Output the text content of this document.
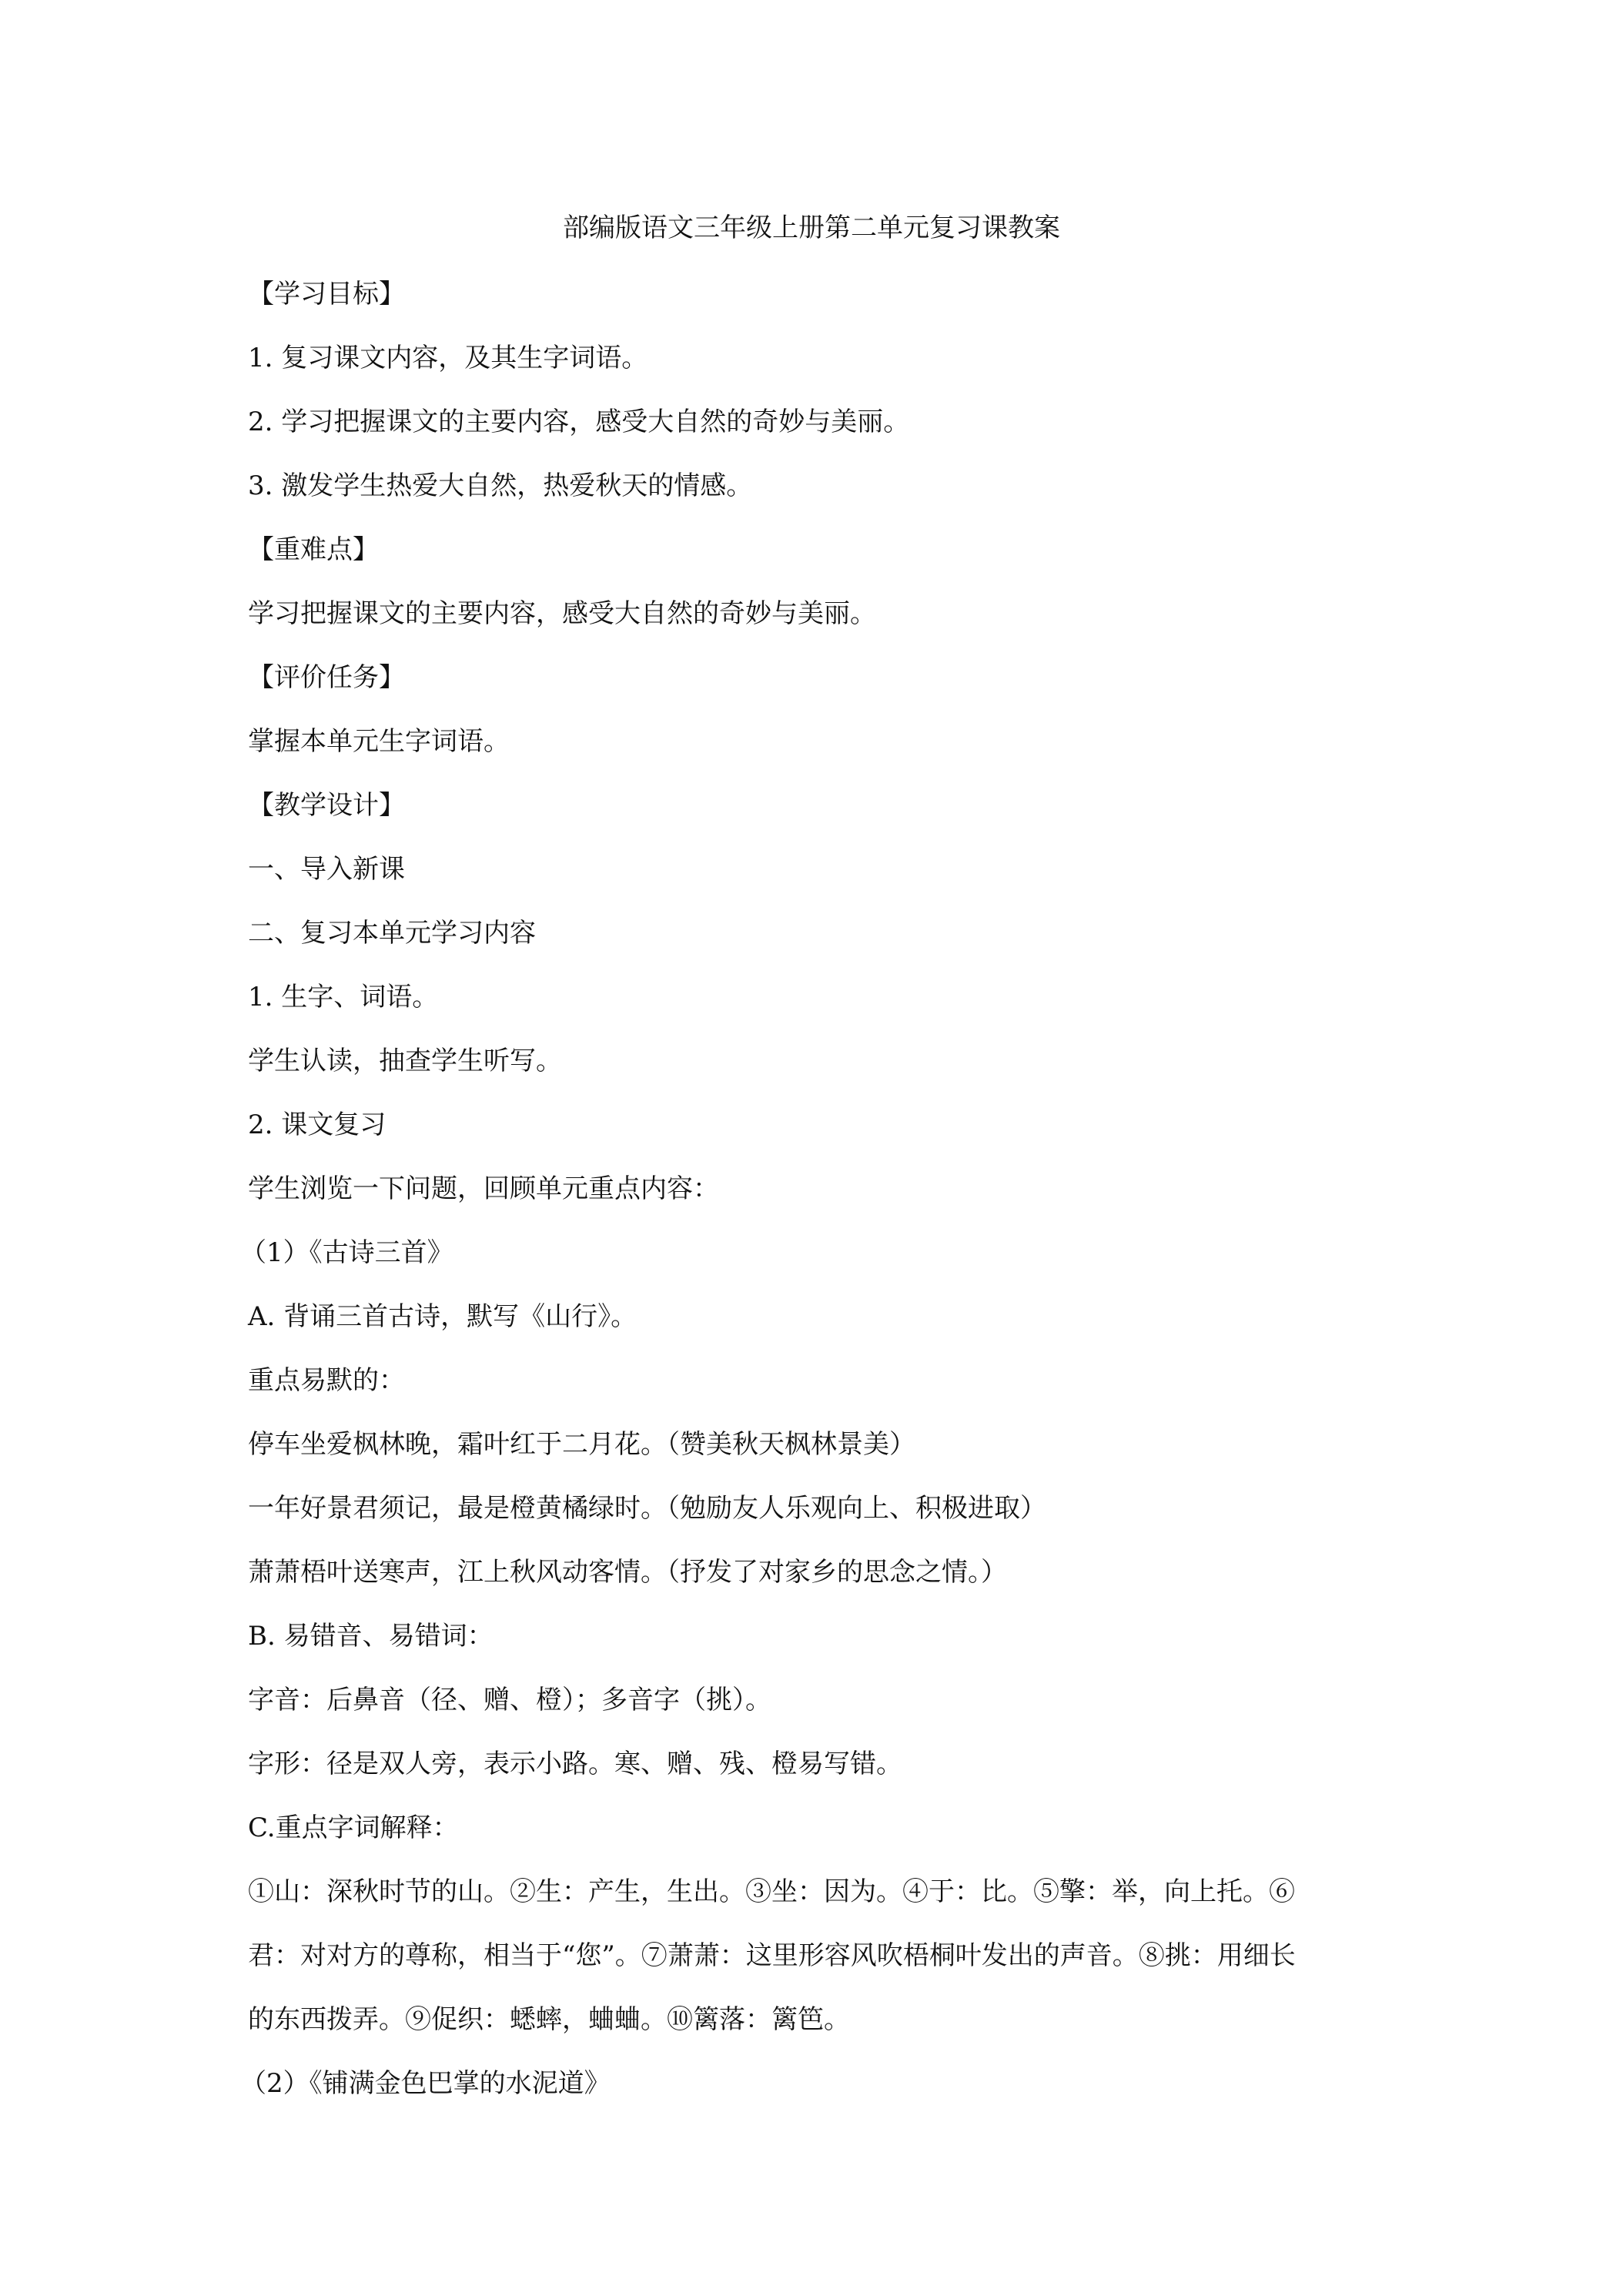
部编版语文三年级上册第二单元复习课教案
【学习目标】
1. 复习课文内容，及其生字词语。
2. 学习把握课文的主要内容，感受大自然的奇妙与美丽。
3. 激发学生热爱大自然，热爱秋天的情感。
【重难点】
学习把握课文的主要内容，感受大自然的奇妙与美丽。
【评价任务】
掌握本单元生字词语。
【教学设计】
一、导入新课
二、复习本单元学习内容
1. 生字、词语。
学生认读，抽查学生听写。
2. 课文复习
学生浏览一下问题，回顾单元重点内容：
（1）《古诗三首》
A. 背诵三首古诗，默写《山行》。
重点易默的：
停车坐爱枫林晚，霜叶红于二月花。（赞美秋天枫林景美）
一年好景君须记，最是橙黄橘绿时。（勉励友人乐观向上、积极进取）
萧萧梧叶送寒声，江上秋风动客情。（抒发了对家乡的思念之情。）
B. 易错音、易错词：
字音：后鼻音（径、赠、橙）；多音字（挑）。
字形：径是双人旁，表示小路。寒、赠、残、橙易写错。
C.重点字词解释：
①山：深秋时节的山。②生：产生，生出。③坐：因为。④于：比。⑤擎：举，向上托。⑥
君：对对方的尊称，相当于“您”。⑦萧萧：这里形容风吹梧桐叶发出的声音。⑧挑：用细长
的东西拨弄。⑨促织：蟋蟀，蛐蛐。⑩篱落：篱笆。
（2）《铺满金色巴掌的水泥道》
